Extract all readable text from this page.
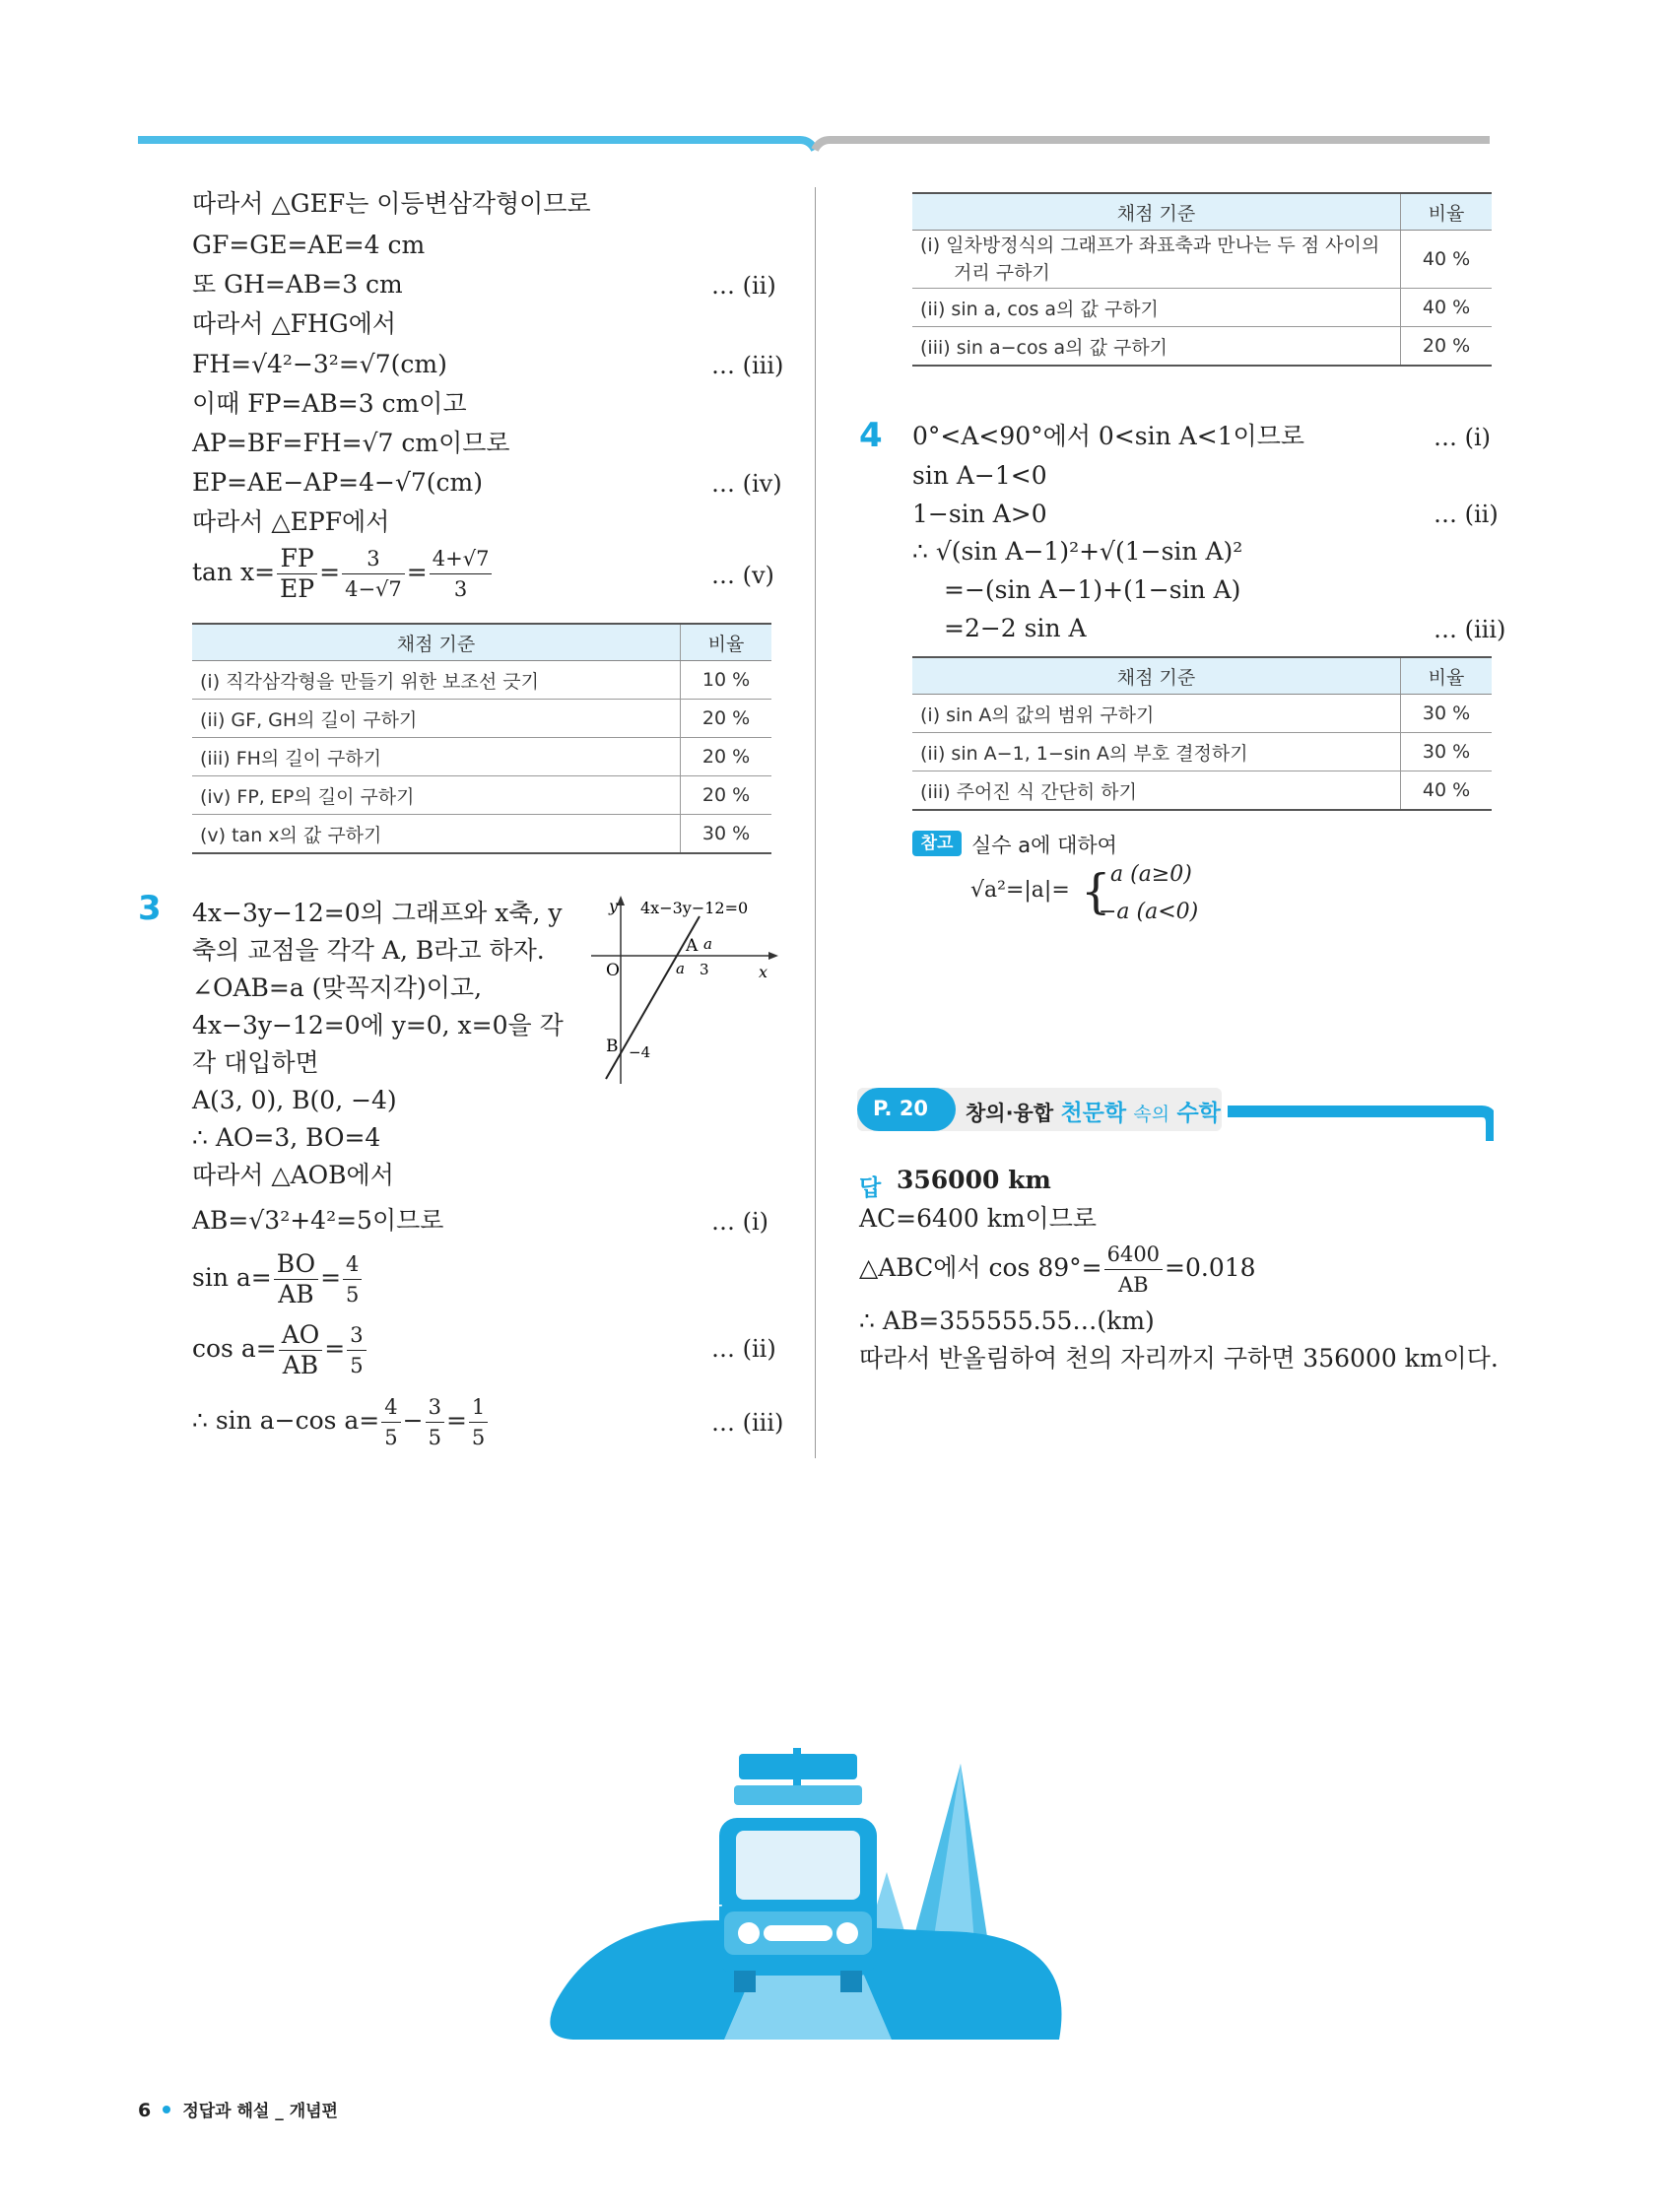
따라서 △GEF는 이등변삼각형이므로
GF=GE=AE=4 cm
또 GH=AB=3 cm	… (ii)
따라서 △FHG에서
FH=√4²−3²=√7(cm)	… (iii)
이때 FP=AB=3 cm이고
AP=BF=FH=√7 cm이므로
EP=AE−AP=4−√7(cm)	… (iv)
따라서 △EPF에서
$\tan x= \frac{FP}{EP} = \frac{3}{4-√7} = \frac{4+√7}{3}$	… (v)
채점 기준	비율
(i) 직각삼각형을 만들기 위한 보조선 긋기	10 %
(ii) GF, GH의 길이 구하기	20 %
(iii) FH의 길이 구하기	20 %
(iv) FP, EP의 길이 구하기	20 %
(v) tan x의 값 구하기	30 %
3 4x−3y−12=0의 그래프와 x축, y
축의 교점을 각각 A, B라고 하자.
∠OAB=a (맞꼭지각)이고,
4x−3y−12=0에 y=0, x=0을 각
각 대입하면
A(3, 0), B(0, −4)
∴ AO=3, BO=4
따라서 △AOB에서
AB=√3²+4²=5이므로	… (i)
y 4x−3y−12=0
O
A a
a 3	x
B −4
$\sin a= \frac{BO}{AB} = \frac{4}{5}$
$\cos a= \frac{AO}{AB} = \frac{3}{5}$	… (ii)
∴ sin a−cos $a= \frac{4}{5} - \frac{3}{5} = \frac{1}{5}$	… (iii)
채점 기준	비율
(i) 일차방정식의 그래프가 좌표축과 만나는 두 점 사이의
거리 구하기	40 %
(ii) sin a, cos a의 값 구하기	40 %
(iii) sin a−cos a의 값 구하기	20 %
4 0°<A<90°에서 0<sin A<1이므로	… (i)
sin A−1<0
1−sin A>0	… (ii)
∴ √(sin A−1)²+√(1−sin A)²
=−(sin A−1)+(1−sin A)
=2−2 sin A	… (iii)
채점 기준	비율
(i) sin A의 값의 범위 구하기	30 %
(ii) sin A−1, 1−sin A의 부호 결정하기	30 %
(iii) 주어진 식 간단히 하기	40 %
참고 실수 a에 대하여
√a²=|a|= { a (a≥0)
−a (a<0)
P. 20 창의·융합 천문학 속의 수학
답 356000 km
AC=6400 km이므로
△ABC에서 $\cos 89^\circ= \frac{6400}{AB} =0.018$
∴ AB=355555.55…(km)
따라서 반올림하여 천의 자리까지 구하면 356000 km이다.
+ +
6 정답과 해설 _ 개념편
